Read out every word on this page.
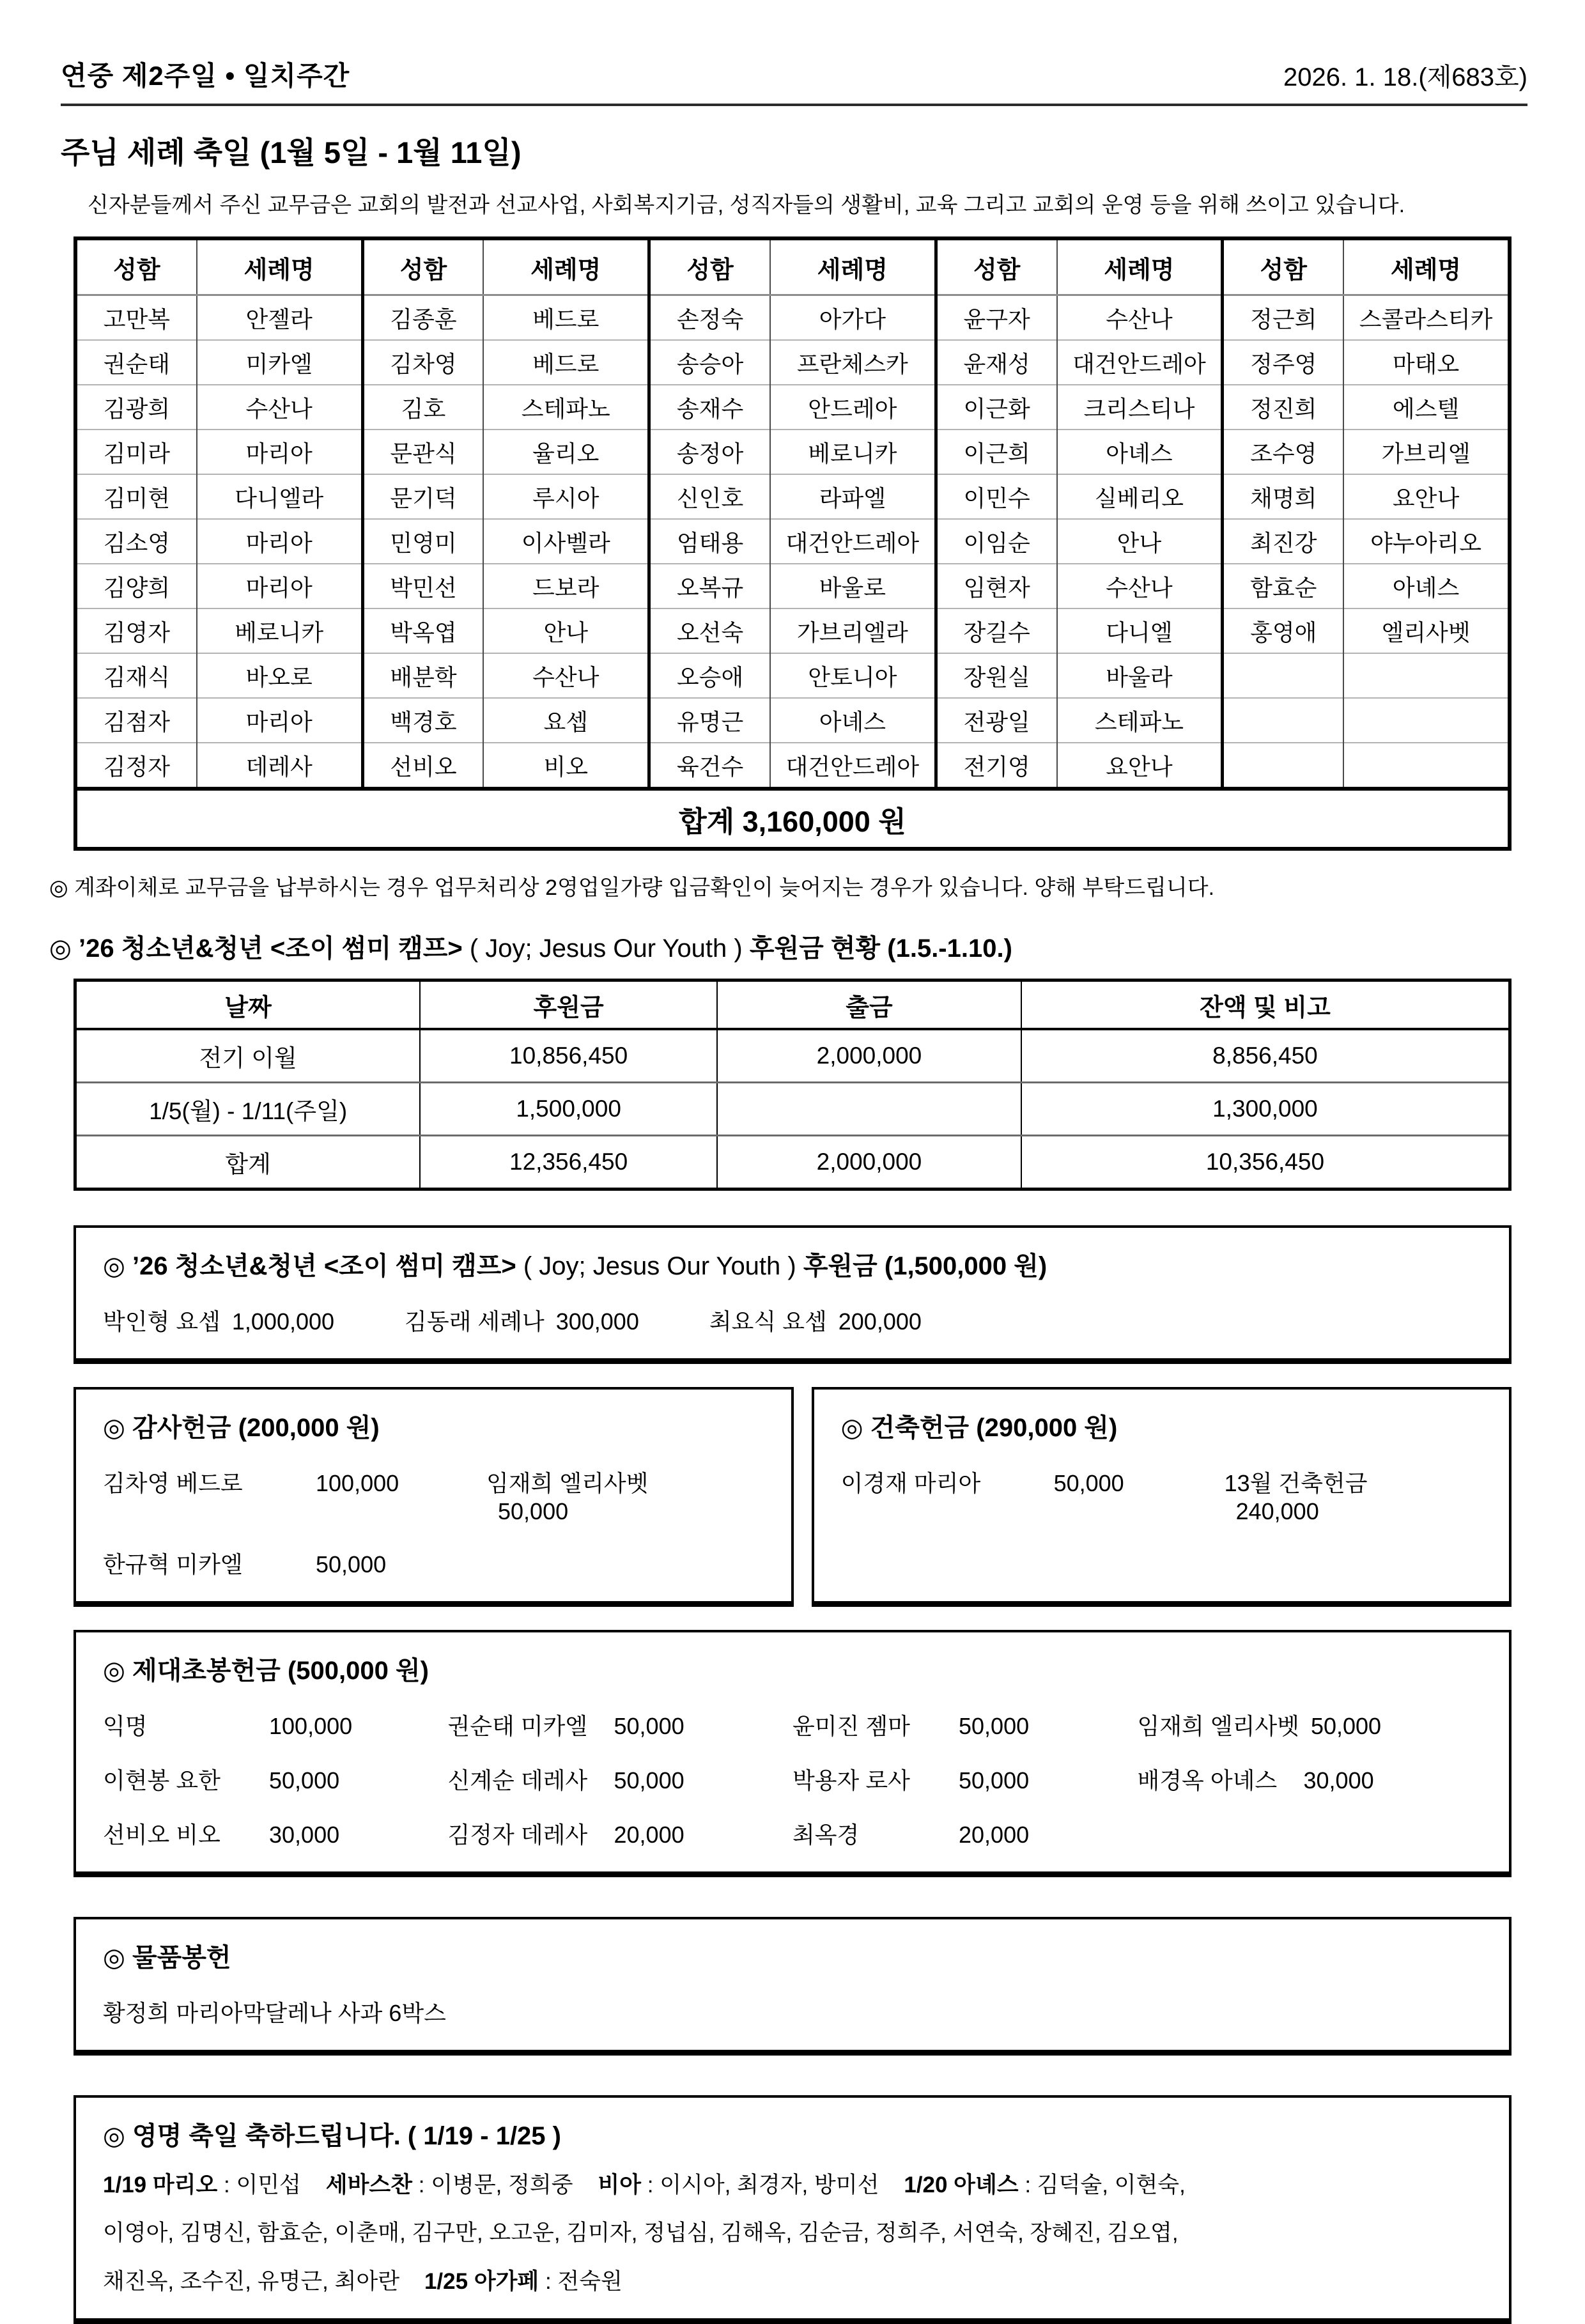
연중 제2주일 • 일치주간	2026. 1. 18.(제683호)
주님 세례 축일 (1월 5일 - 1월 11일)
신자분들께서 주신 교무금은 교회의 발전과 선교사업, 사회복지기금, 성직자들의 생활비, 교육 그리고 교회의 운영 등을 위해 쓰이고 있습니다.
성함	세례명	성함	세례명	성함	세례명	성함	세례명	성함	세례명
고만복	안젤라	김종훈	베드로	손정숙	아가다	윤구자	수산나	정근희	스콜라스티카
권순태	미카엘	김차영	베드로	송승아	프란체스카	윤재성	대건안드레아	정주영	마태오
김광희	수산나	김호	스테파노	송재수	안드레아	이근화	크리스티나	정진희	에스텔
김미라	마리아	문관식	율리오	송정아	베로니카	이근희	아녜스	조수영	가브리엘
김미현	다니엘라	문기덕	루시아	신인호	라파엘	이민수	실베리오	채명희	요안나
김소영	마리아	민영미	이사벨라	엄태용	대건안드레아	이임순	안나	최진강	야누아리오
김양희	마리아	박민선	드보라	오복규	바울로	임현자	수산나	함효순	아녜스
김영자	베로니카	박옥엽	안나	오선숙	가브리엘라	장길수	다니엘	홍영애	엘리사벳
김재식	바오로	배분학	수산나	오승애	안토니아	장원실	바울라		
김점자	마리아	백경호	요셉	유명근	아녜스	전광일	스테파노		
김정자	데레사	선비오	비오	육건수	대건안드레아	전기영	요안나		
합계 3,160,000 원									
◎ 계좌이체로 교무금을 납부하시는 경우 업무처리상 2영업일가량 입금확인이 늦어지는 경우가 있습니다. 양해 부탁드립니다.
◎ ’26 청소년&청년 <조이 썸미 캠프> ( Joy; Jesus Our Youth ) 후원금 현황 (1.5.-1.10.)
날짜	후원금	출금	잔액 및 비고
전기 이월	10,856,450	2,000,000	8,856,450
1/5(월) - 1/11(주일)	1,500,000		1,300,000
합계	12,356,450	2,000,000	10,356,450
◎ ’26 청소년&청년 <조이 썸미 캠프> ( Joy; Jesus Our Youth ) 후원금 (1,500,000 원)
박인형 요셉 1,000,000	김동래 세례나 300,000	최요식 요셉 200,000
◎ 감사헌금 (200,000 원)
김차영 베드로	100,000	임재희 엘리사벳50,000
한규혁 미카엘	50,000
◎ 건축헌금 (290,000 원)
이경재 마리아	50,000	13월 건축헌금240,000
◎ 제대초봉헌금 (500,000 원)
익명	100,000	권순태 미카엘 50,000	윤미진 젬마 50,000	임재희 엘리사벳 50,000
이현봉 요한 50,000	신계순 데레사 50,000	박용자 로사 50,000	배경옥 아녜스 30,000
선비오 비오 30,000	김정자 데레사 20,000	최옥경	20,000
◎ 물품봉헌
황정희 마리아막달레나 사과 6박스
◎ 영명 축일 축하드립니다. ( 1/19 - 1/25 )
1/19 마리오 : 이민섭    세바스찬 : 이병문, 정희중    비아 : 이시아, 최경자, 방미선    1/20 아녜스 : 김덕술, 이현숙,
이영아, 김명신, 함효순, 이춘매, 김구만, 오고운, 김미자, 정넙심, 김해옥, 김순금, 정희주, 서연숙, 장혜진, 김오엽,
채진옥, 조수진, 유명근, 최아란    1/25 아가페 : 전숙원
